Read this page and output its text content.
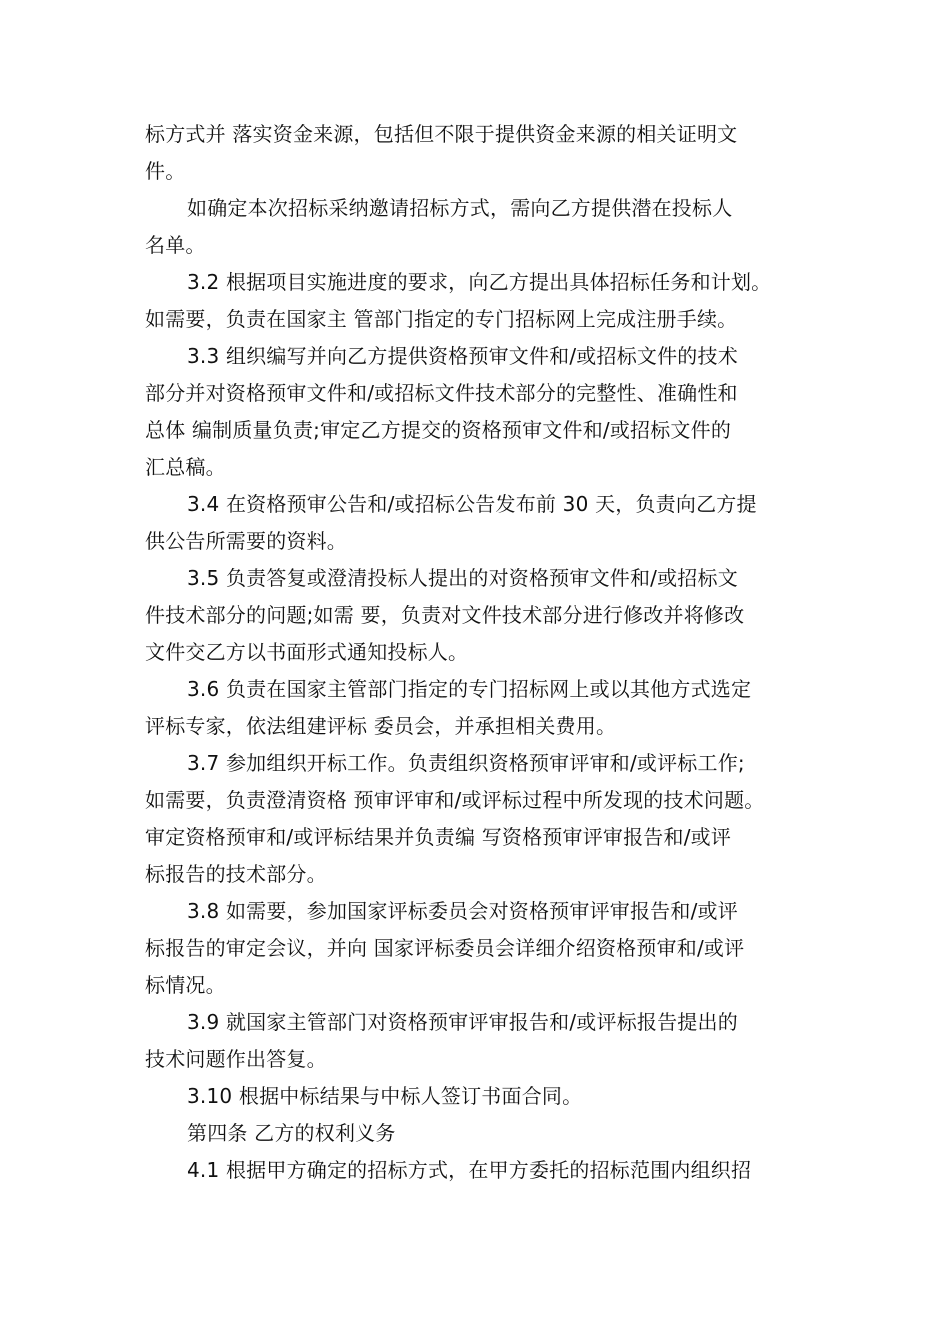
标方式并 落实资金来源，包括但不限于提供资金来源的相关证明文
件。
如确定本次招标采纳邀请招标方式，需向乙方提供潜在投标人
名单。
3.2 根据项目实施进度的要求，向乙方提出具体招标任务和计划。
如需要，负责在国家主 管部门指定的专门招标网上完成注册手续。
3.3 组织编写并向乙方提供资格预审文件和/或招标文件的技术
部分并对资格预审文件和/或招标文件技术部分的完整性、准确性和
总体 编制质量负责;审定乙方提交的资格预审文件和/或招标文件的
汇总稿。
3.4 在资格预审公告和/或招标公告发布前 30 天，负责向乙方提
供公告所需要的资料。
3.5 负责答复或澄清投标人提出的对资格预审文件和/或招标文
件技术部分的问题;如需 要，负责对文件技术部分进行修改并将修改
文件交乙方以书面形式通知投标人。
3.6 负责在国家主管部门指定的专门招标网上或以其他方式选定
评标专家，依法组建评标 委员会，并承担相关费用。
3.7 参加组织开标工作。负责组织资格预审评审和/或评标工作;
如需要，负责澄清资格 预审评审和/或评标过程中所发现的技术问题。
审定资格预审和/或评标结果并负责编 写资格预审评审报告和/或评
标报告的技术部分。
3.8 如需要，参加国家评标委员会对资格预审评审报告和/或评
标报告的审定会议，并向 国家评标委员会详细介绍资格预审和/或评
标情况。
3.9 就国家主管部门对资格预审评审报告和/或评标报告提出的
技术问题作出答复。
3.10 根据中标结果与中标人签订书面合同。
第四条 乙方的权利义务
4.1 根据甲方确定的招标方式，在甲方委托的招标范围内组织招
